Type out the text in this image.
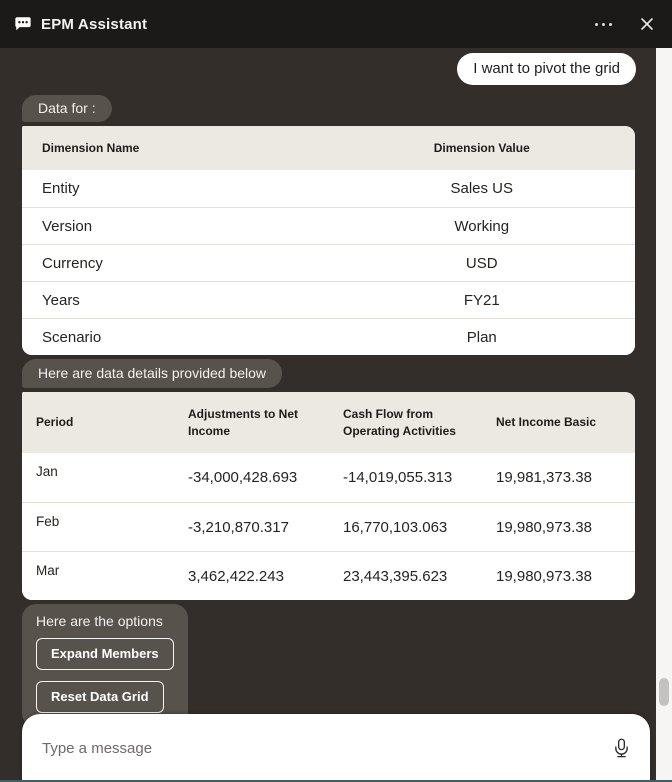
EPM Assistant
I want to pivot the grid
Data for :
Dimension Name	Dimension Value
Entity	Sales US
Version	Working
Currency	USD
Years	FY21
Scenario	Plan
Here are data details provided below
Period	Adjustments to Net Income	Cash Flow from Operating Activities	Net Income Basic
Jan	-34,000,428.693	-14,019,055.313	19,981,373.38
Feb	-3,210,870.317	16,770,103.063	19,980,973.38
Mar	3,462,422.243	23,443,395.623	19,980,973.38
Here are the options
Expand Members
Reset Data Grid
Type a message
